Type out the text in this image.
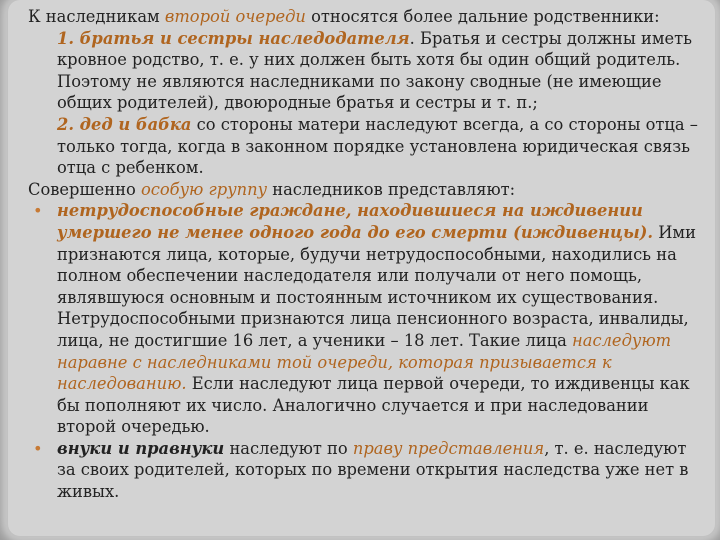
К наследникам второй очереди относятся более дальние родственники:

1. братья и сестры наследодателя. Братья и сестры должны иметь кровное родство, т. е. у них должен быть хотя бы один общий родитель. Поэтому не являются наследниками по закону сводные (не имеющие общих родителей), двоюродные братья и сестры и т. п.;

2. дед и бабка со стороны матери наследуют всегда, а со стороны отца – только тогда, когда в законном порядке установлена юридическая связь отца с ребенком.

Совершенно особую группу наследников представляют:

• нетрудоспособные граждане, находившиеся на иждивении умершего не менее одного года до его смерти (иждивенцы). Ими признаются лица, которые, будучи нетрудоспособными, находились на полном обеспечении наследодателя или получали от него помощь, являвшуюся основным и постоянным источником их существования. Нетрудоспособными признаются лица пенсионного возраста, инвалиды, лица, не достигшие 16 лет, а ученики – 18 лет. Такие лица наследуют наравне с наследниками той очереди, которая призывается к наследованию. Если наследуют лица первой очереди, то иждивенцы как бы пополняют их число. Аналогично случается и при наследовании второй очередью.

• внуки и правнуки наследуют по праву представления, т. е. наследуют за своих родителей, которых по времени открытия наследства уже нет в живых.
